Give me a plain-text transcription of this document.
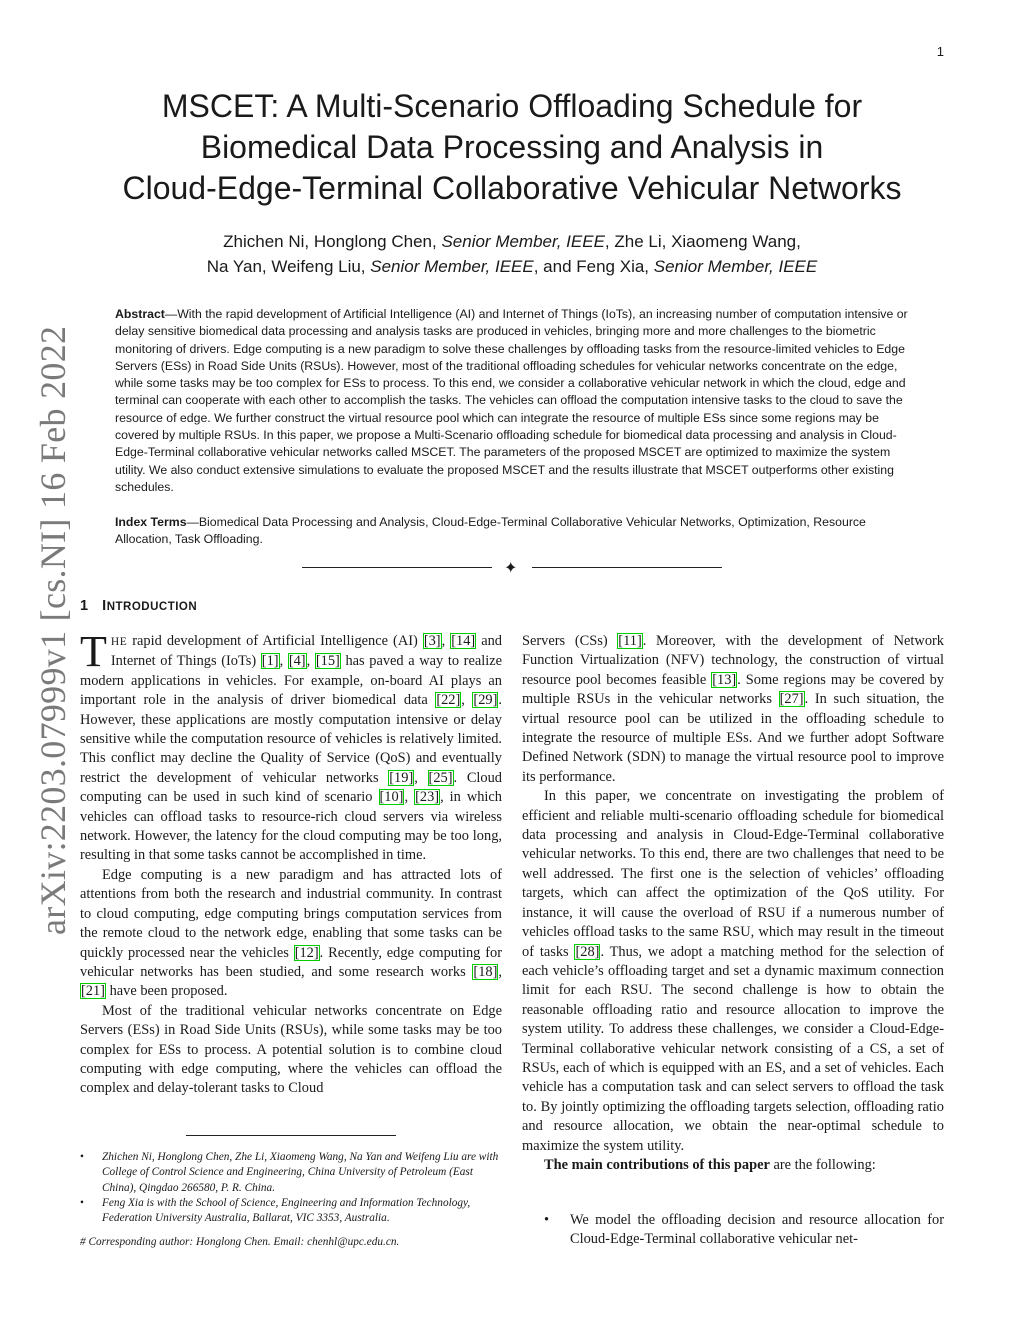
1
arXiv:2203.07999v1 [cs.NI] 16 Feb 2022
MSCET: A Multi-Scenario Offloading Schedule for
Biomedical Data Processing and Analysis in
Cloud-Edge-Terminal Collaborative Vehicular Networks
Zhichen Ni, Honglong Chen, Senior Member, IEEE, Zhe Li, Xiaomeng Wang,
Na Yan, Weifeng Liu, Senior Member, IEEE, and Feng Xia, Senior Member, IEEE
Abstract—With the rapid development of Artificial Intelligence (AI) and Internet of Things (IoTs), an increasing number of computation intensive or delay sensitive biomedical data processing and analysis tasks are produced in vehicles, bringing more and more challenges to the biometric monitoring of drivers. Edge computing is a new paradigm to solve these challenges by offloading tasks from the resource-limited vehicles to Edge Servers (ESs) in Road Side Units (RSUs). However, most of the traditional offloading schedules for vehicular networks concentrate on the edge, while some tasks may be too complex for ESs to process. To this end, we consider a collaborative vehicular network in which the cloud, edge and terminal can cooperate with each other to accomplish the tasks. The vehicles can offload the computation intensive tasks to the cloud to save the resource of edge. We further construct the virtual resource pool which can integrate the resource of multiple ESs since some regions may be covered by multiple RSUs. In this paper, we propose a Multi-Scenario offloading schedule for biomedical data processing and analysis in Cloud-Edge-Terminal collaborative vehicular networks called MSCET. The parameters of the proposed MSCET are optimized to maximize the system utility. We also conduct extensive simulations to evaluate the proposed MSCET and the results illustrate that MSCET outperforms other existing schedules.
Index Terms—Biomedical Data Processing and Analysis, Cloud-Edge-Terminal Collaborative Vehicular Networks, Optimization, Resource Allocation, Task Offloading.
✦
1 INTRODUCTION

THE rapid development of Artificial Intelligence (AI) [3], [14] and Internet of Things (IoTs) [1], [4], [15] has paved a way to realize modern applications in vehicles. For example, on-board AI plays an important role in the analysis of driver biomedical data [22], [29]. However, these applications are mostly computation intensive or delay sensitive while the computation resource of vehicles is relatively limited. This conflict may decline the Quality of Service (QoS) and eventually restrict the development of vehicular networks [19], [25]. Cloud computing can be used in such kind of scenario [10], [23], in which vehicles can offload tasks to resource-rich cloud servers via wireless network. However, the latency for the cloud computing may be too long, resulting in that some tasks cannot be accomplished in time.

Edge computing is a new paradigm and has attracted lots of attentions from both the research and industrial community. In contrast to cloud computing, edge computing brings computation services from the remote cloud to the network edge, enabling that some tasks can be quickly processed near the vehicles [12]. Recently, edge computing for vehicular networks has been studied, and some research works [18], [21] have been proposed.

Most of the traditional vehicular networks concentrate on Edge Servers (ESs) in Road Side Units (RSUs), while some tasks may be too complex for ESs to process. A potential solution is to combine cloud computing with edge computing, where the vehicles can offload the complex and delay-tolerant tasks to Cloud

Servers (CSs) [11]. Moreover, with the development of Network Function Virtualization (NFV) technology, the construction of virtual resource pool becomes feasible [13]. Some regions may be covered by multiple RSUs in the vehicular networks [27]. In such situation, the virtual resource pool can be utilized in the offloading schedule to integrate the resource of multiple ESs. And we further adopt Software Defined Network (SDN) to manage the virtual resource pool to improve its performance.

In this paper, we concentrate on investigating the problem of efficient and reliable multi-scenario offloading schedule for biomedical data processing and analysis in Cloud-Edge-Terminal collaborative vehicular networks. To this end, there are two challenges that need to be well addressed. The first one is the selection of vehicles’ offloading targets, which can affect the optimization of the QoS utility. For instance, it will cause the overload of RSU if a numerous number of vehicles offload tasks to the same RSU, which may result in the timeout of tasks [28]. Thus, we adopt a matching method for the selection of each vehicle’s offloading target and set a dynamic maximum connection limit for each RSU. The second challenge is how to obtain the reasonable offloading ratio and resource allocation to improve the system utility. To address these challenges, we consider a Cloud-Edge-Terminal collaborative vehicular network consisting of a CS, a set of RSUs, each of which is equipped with an ES, and a set of vehicles. Each vehicle has a computation task and can select servers to offload the task to. By jointly optimizing the offloading targets selection, offloading ratio and resource allocation, we obtain the near-optimal schedule to maximize the system utility.

The main contributions of this paper are the following:

• We model the offloading decision and resource allocation for Cloud-Edge-Terminal collaborative vehicular net-
• Zhichen Ni, Honglong Chen, Zhe Li, Xiaomeng Wang, Na Yan and Weifeng Liu are with College of Control Science and Engineering, China University of Petroleum (East China), Qingdao 266580, P. R. China.
• Feng Xia is with the School of Science, Engineering and Information Technology, Federation University Australia, Ballarat, VIC 3353, Australia.
# Corresponding author: Honglong Chen. Email: chenhl@upc.edu.cn.
